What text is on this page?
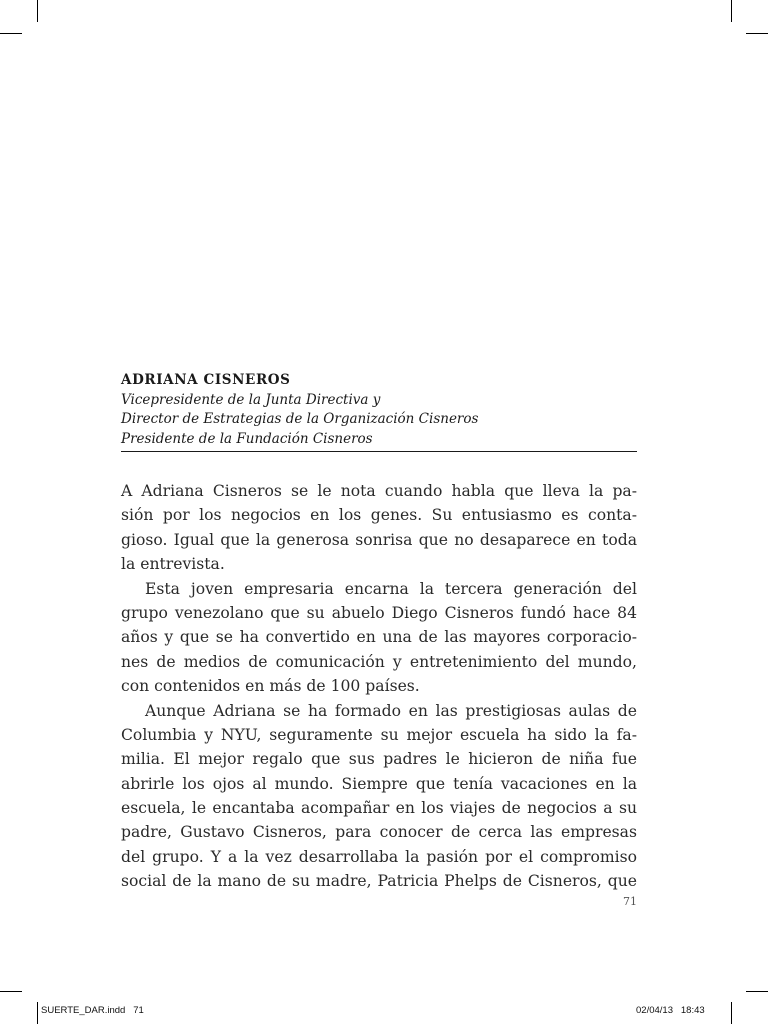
ADRIANA CISNEROS
Vicepresidente de la Junta Directiva y
Director de Estrategias de la Organización Cisneros
Presidente de la Fundación Cisneros
A Adriana Cisneros se le nota cuando habla que lleva la pa-
sión por los negocios en los genes. Su entusiasmo es conta-
gioso. Igual que la generosa sonrisa que no desaparece en toda
la entrevista.
Esta joven empresaria encarna la tercera generación del
grupo venezolano que su abuelo Diego Cisneros fundó hace 84
años y que se ha convertido en una de las mayores corporacio-
nes de medios de comunicación y entretenimiento del mundo,
con contenidos en más de 100 países.
Aunque Adriana se ha formado en las prestigiosas aulas de
Columbia y NYU, seguramente su mejor escuela ha sido la fa-
milia. El mejor regalo que sus padres le hicieron de niña fue
abrirle los ojos al mundo. Siempre que tenía vacaciones en la
escuela, le encantaba acompañar en los viajes de negocios a su
padre, Gustavo Cisneros, para conocer de cerca las empresas
del grupo. Y a la vez desarrollaba la pasión por el compromiso
social de la mano de su madre, Patricia Phelps de Cisneros, que
71
SUERTE_DAR.indd   71	02/04/13   18:43
